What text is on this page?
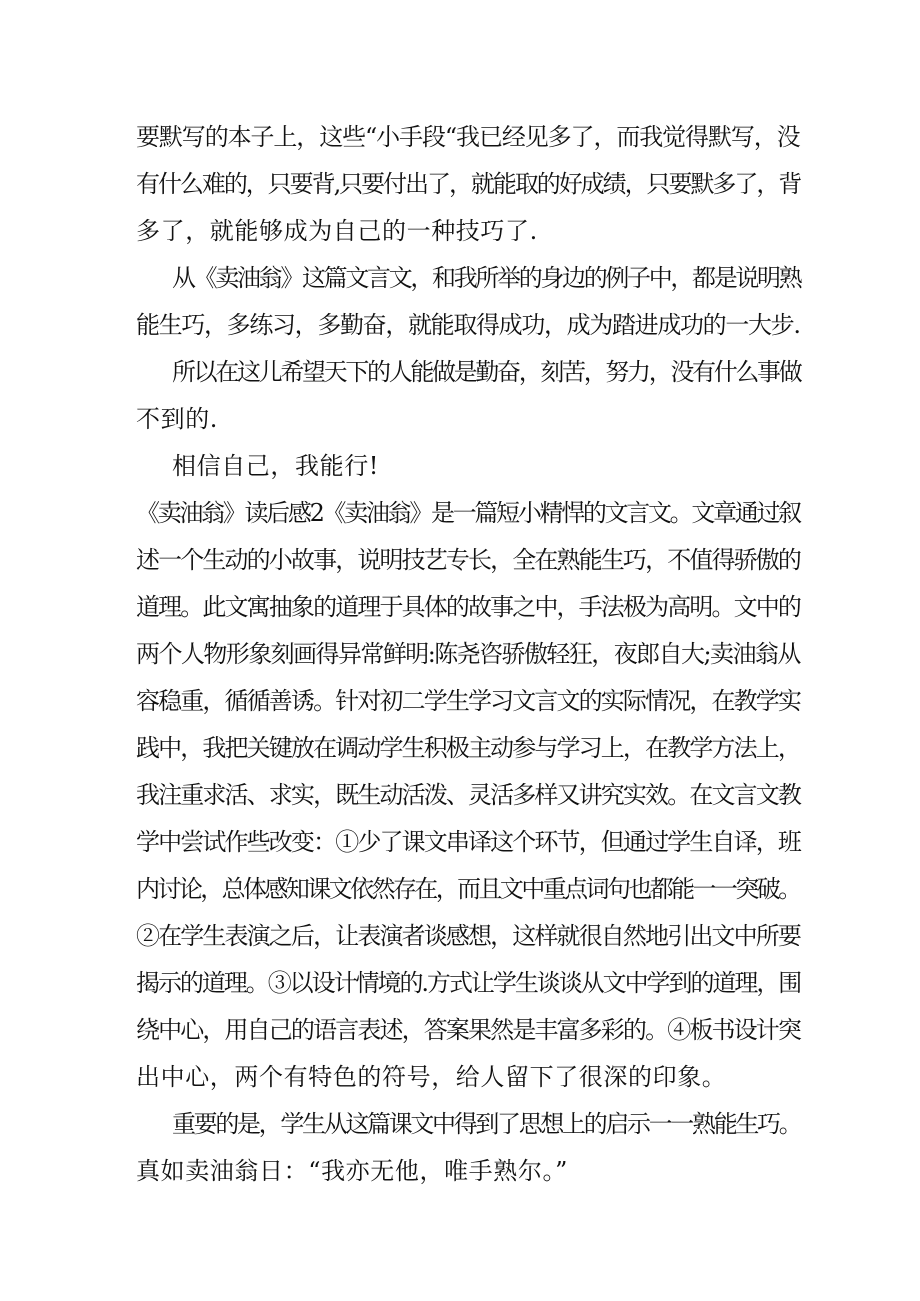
要默写的本子上，这些“小手段“我已经见多了，而我觉得默写，没
有什么难的，只要背,只要付出了，就能取的好成绩，只要默多了，背
多了，就能够成为自己的一种技巧了.
从《卖油翁》这篇文言文，和我所举的身边的例子中，都是说明熟
能生巧，多练习，多勤奋，就能取得成功，成为踏进成功的一大步.
所以在这儿希望天下的人能做是勤奋，刻苦，努力，没有什么事做
不到的.
相信自己，我能行!
《卖油翁》读后感2《卖油翁》是一篇短小精悍的文言文。文章通过叙
述一个生动的小故事，说明技艺专长，全在熟能生巧，不值得骄傲的
道理。此文寓抽象的道理于具体的故事之中，手法极为高明。文中的
两个人物形象刻画得异常鲜明:陈尧咨骄傲轻狂，夜郎自大;卖油翁从
容稳重，循循善诱。针对初二学生学习文言文的实际情况，在教学实
践中，我把关键放在调动学生积极主动参与学习上，在教学方法上，
我注重求活、求实，既生动活泼、灵活多样又讲究实效。在文言文教
学中尝试作些改变：①少了课文串译这个环节，但通过学生自译，班
内讨论，总体感知课文依然存在，而且文中重点词句也都能一一突破。
②在学生表演之后，让表演者谈感想，这样就很自然地引出文中所要
揭示的道理。③以设计情境的.方式让学生谈谈从文中学到的道理，围
绕中心，用自己的语言表述，答案果然是丰富多彩的。④板书设计突
出中心，两个有特色的符号，给人留下了很深的印象。
重要的是，学生从这篇课文中得到了思想上的启示一一熟能生巧。
真如卖油翁日：“我亦无他，唯手熟尔。”
